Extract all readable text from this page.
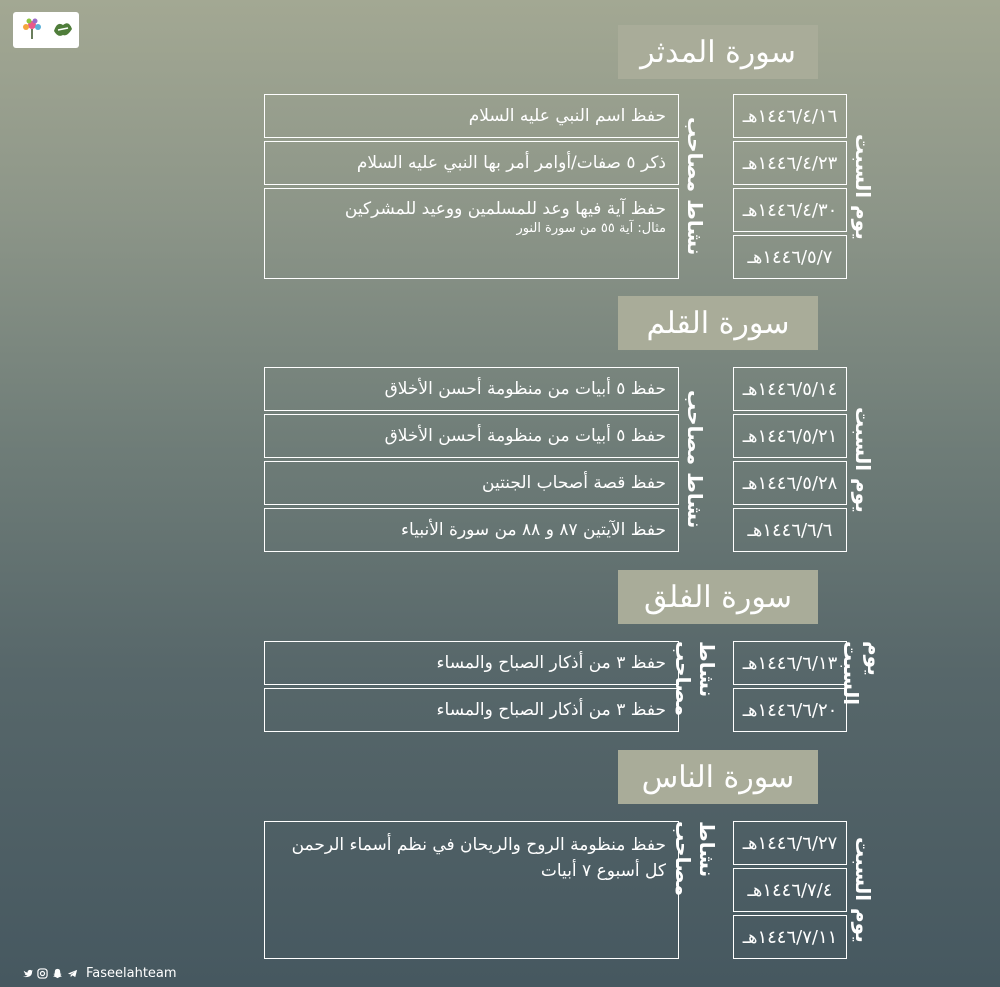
سورة المدثر
يوم السبت
نشاط مصاحب
١٤٤٦/٤/١٦هـ
١٤٤٦/٤/٢٣هـ
١٤٤٦/٤/٣٠هـ
١٤٤٦/٥/٧هـ
حفظ اسم النبي عليه السلام
ذكر ٥ صفات/أوامر أمر بها النبي عليه السلام
حفظ آية فيها وعد للمسلمين ووعيد للمشركين
مثال: آية ٥٥ من سورة النور
سورة القلم
يوم السبت
نشاط مصاحب
١٤٤٦/٥/١٤هـ
١٤٤٦/٥/٢١هـ
١٤٤٦/٥/٢٨هـ
١٤٤٦/٦/٦هـ
حفظ ٥ أبيات من منظومة أحسن الأخلاق
حفظ ٥ أبيات من منظومة أحسن الأخلاق
حفظ قصة أصحاب الجنتين
حفظ الآيتين ٨٧ و ٨٨ من سورة الأنبياء
سورة الفلق
يوم السبت
نشاط مصاحب	١٤٤٦/٦/١٣هـ
١٤٤٦/٦/٢٠هـ
حفظ ٣ من أذكار الصباح والمساء
حفظ ٣ من أذكار الصباح والمساء
سورة الناس
يوم السبت
نشاط مصاحب	١٤٤٦/٦/٢٧هـ
١٤٤٦/٧/٤هـ
١٤٤٦/٧/١١هـ
حفظ منظومة الروح والريحان في نظم أسماء الرحمن كل أسبوع ٧ أبيات
Faseelahteam
